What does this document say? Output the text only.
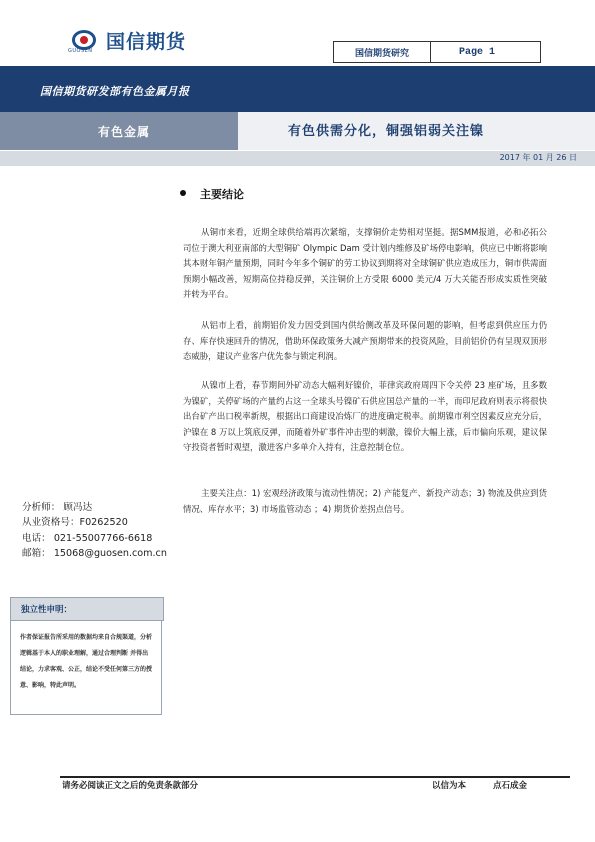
国信期货
GUOSEN	国信期货研究	Page 1
国信期货研发部有色金属月报
有色金属	有色供需分化，铜强铝弱关注镍
2017 年 01 月 26 日
主要结论

从铜市来看，近期全球供给端再次紧缩，支撑铜价走势相对坚挺。据SMM报道，必和必拓公司位于澳大利亚南部的大型铜矿 Olympic Dam 受计划内维修及矿场停电影响，供应已中断将影响其本财年铜产量预期，同时今年多个铜矿的劳工协议到期将对全球铜矿供应造成压力，铜市供需面预期小幅改善，短期高位持稳反弹，关注铜价上方受限 6000 美元/4 万大关能否形成实质性突破并转为平台。

从铝市上看，前期铝价发力因受到国内供给侧改革及环保问题的影响，但考虑到供应压力仍存、库存快速回升的情况，借助环保政策务大减产预期带来的投资风险，目前铝价仍有呈现双顶形态威胁，建议产业客户优先参与锁定利润。

从镍市上看，春节期间外矿动态大幅利好镍价，菲律宾政府周四下令关停 23 座矿场，且多数为镍矿，关停矿场的产量约占这一全球头号镍矿石供应国总产量的一半，而印尼政府则表示将很快出台矿产出口税率新规，根据出口商建设冶炼厂的进度确定税率。前期镍市利空因素反应充分后，沪镍在 8 万以上筑底反弹，而随着外矿事件冲击型的刺激，镍价大幅上涨，后市偏向乐观，建议保守投资者暂时观望，激进客户多单介入持有，注意控制仓位。

主要关注点：1) 宏观经济政策与流动性情况；2) 产能复产、新投产动态；3) 物流及供应到货情况、库存水平；3) 市场监管动态 ；4) 期货价差拐点信号。

分析师： 顾冯达
从业资格号：F0262520
电话： 021-55007766-6618
邮箱： 15068@guosen.com.cn
独立性申明：
作者保证报告所采用的数据均来自合规渠道，分析逻辑基于本人的职业理解，通过合理判断 并得出结论，力求客观、公正，结论不受任何第三方的授意、影响，特此声明。
请务必阅读正文之后的免责条款部分	以信为本	点石成金
